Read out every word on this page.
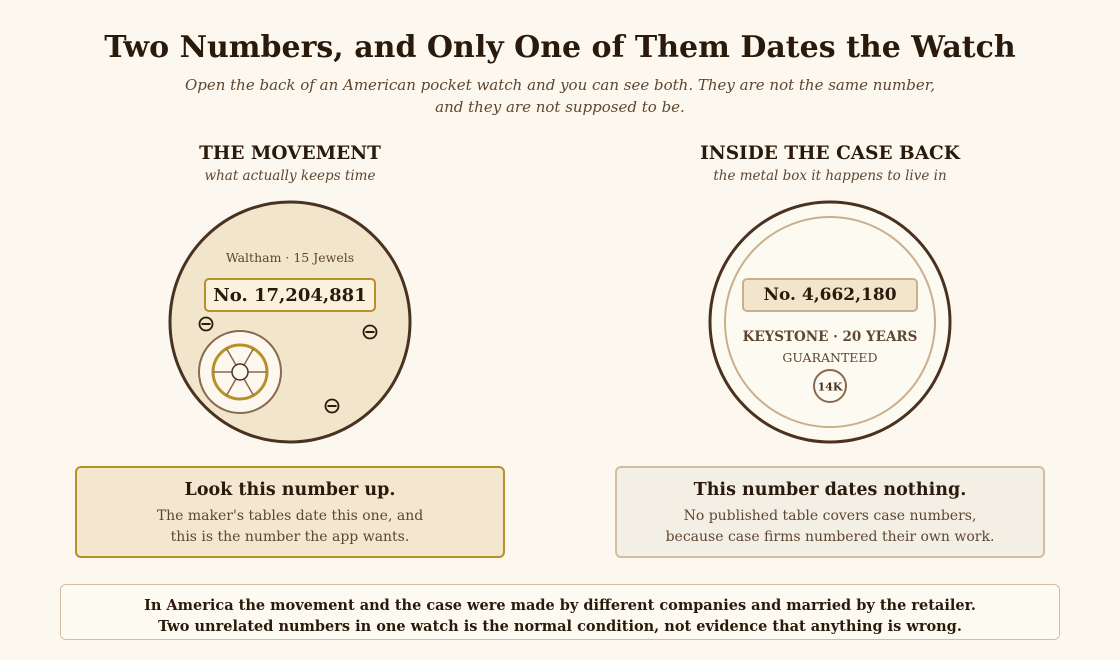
Two Numbers, and Only One of Them Dates the Watch
Open the back of an American pocket watch and you can see both. They are not the same number,
and they are not supposed to be.
THE MOVEMENT
what actually keeps time
INSIDE THE CASE BACK
the metal box it happens to live in
Waltham · 15 Jewels
No. 17,204,881	No. 4,662,180
KEYSTONE · 20 YEARS
GUARANTEED
14K
Look this number up.
The maker's tables date this one, and
this is the number the app wants.
This number dates nothing.
No published table covers case numbers,
because case firms numbered their own work.
In America the movement and the case were made by different companies and married by the retailer.
Two unrelated numbers in one watch is the normal condition, not evidence that anything is wrong.
